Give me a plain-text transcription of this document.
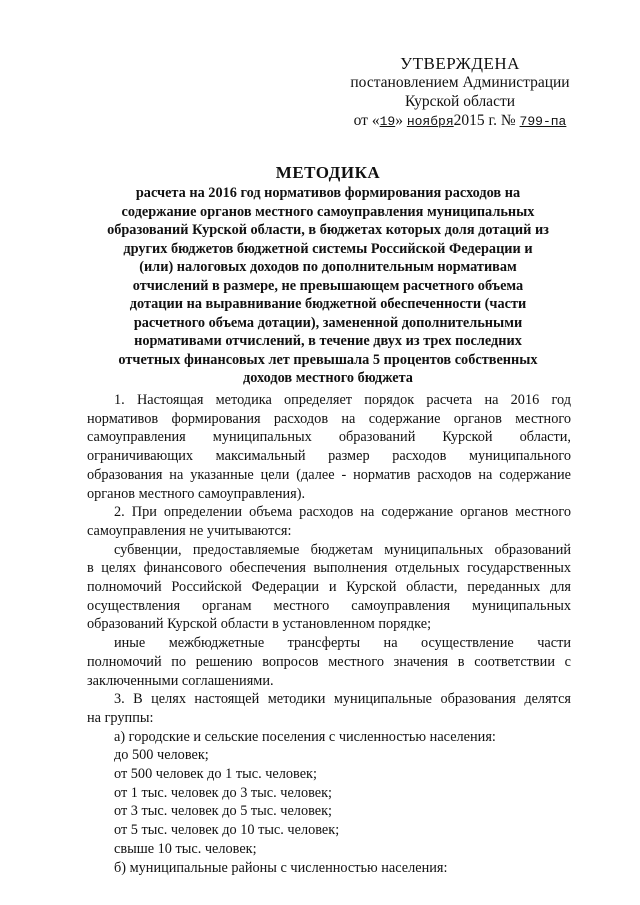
УТВЕРЖДЕНА
постановлением Администрации
Курской области
от «19» ноября2015 г. № 799-па
МЕТОДИКА
расчета на 2016 год нормативов формирования расходов на
содержание органов местного самоуправления муниципальных
образований Курской области, в бюджетах которых доля дотаций из
других бюджетов бюджетной системы Российской Федерации и
(или) налоговых доходов по дополнительным нормативам
отчислений в размере, не превышающем расчетного объема
дотации на выравнивание бюджетной обеспеченности (части
расчетного объема дотации), замененной дополнительными
нормативами отчислений, в течение двух из трех последних
отчетных финансовых лет превышала 5 процентов собственных
доходов местного бюджета
1. Настоящая методика определяет порядок расчета на 2016 год
нормативов формирования расходов на содержание органов местного
самоуправления муниципальных образований Курской области,
ограничивающих максимальный размер расходов муниципального
образования на указанные цели (далее - норматив расходов на содержание
органов местного самоуправления).
2. При определении объема расходов на содержание органов местного
самоуправления не учитываются:
субвенции, предоставляемые бюджетам муниципальных образований
в целях финансового обеспечения выполнения отдельных государственных
полномочий Российской Федерации и Курской области, переданных для
осуществления органам местного самоуправления муниципальных
образований Курской области в установленном порядке;
иные межбюджетные трансферты на осуществление части
полномочий по решению вопросов местного значения в соответствии с
заключенными соглашениями.
3. В целях настоящей методики муниципальные образования делятся
на группы:
а) городские и сельские поселения с численностью населения:
до 500 человек;
от 500 человек до 1 тыс. человек;
от 1 тыс. человек до 3 тыс. человек;
от 3 тыс. человек до 5 тыс. человек;
от 5 тыс. человек до 10 тыс. человек;
свыше 10 тыс. человек;
б) муниципальные районы с численностью населения:
